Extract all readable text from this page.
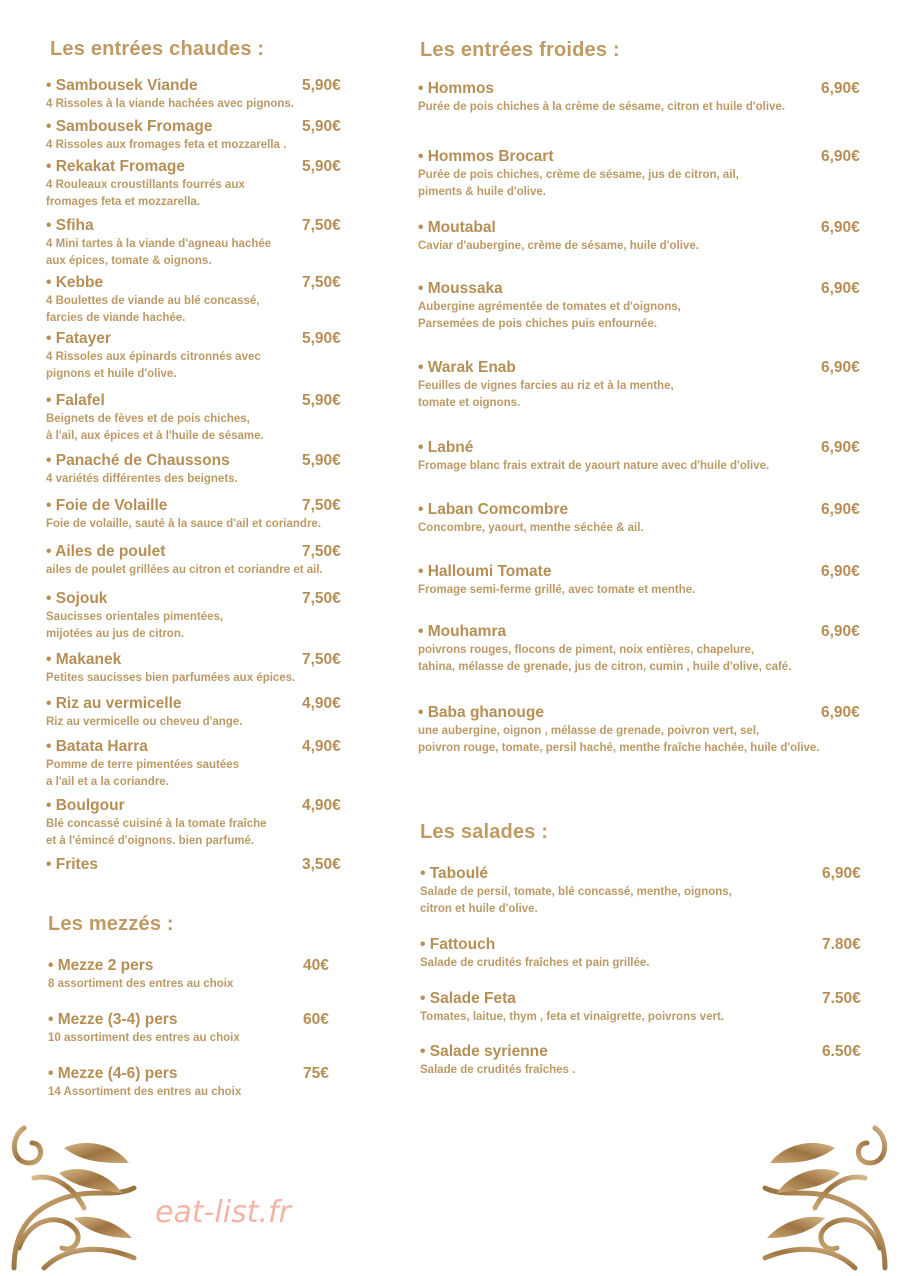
Les entrées chaudes :
• Sambousek Viande	5,90€
4 Rissoles à la viande hachées avec pignons.
• Sambousek Fromage	5,90€
4 Rissoles aux fromages feta et mozzarella .
• Rekakat Fromage	5,90€
4 Rouleaux croustillants fourrés aux
fromages feta et mozzarella.
• Sfiha	7,50€
4 Mini tartes à la viande d'agneau hachée
aux épices, tomate & oignons.
• Kebbe	7,50€
4 Boulettes de viande au blé concassé,
farcies de viande hachée.
• Fatayer	5,90€
4 Rissoles aux épinards citronnés avec
pignons et huile d'olive.
• Falafel	5,90€
Beignets de fèves et de pois chiches,
à l'ail, aux épices et à l'huile de sésame.
• Panaché de Chaussons	5,90€
4 variétés différentes des beignets.
• Foie de Volaille	7,50€
Foie de volaille, sauté à la sauce d'ail et coriandre.
• Ailes de poulet	7,50€
ailes de poulet grillées au citron et coriandre et ail.
• Sojouk	7,50€
Saucisses orientales pimentées,
mijotées au jus de citron.
• Makanek	7,50€
Petites saucisses bien parfumées aux épices.
• Riz au vermicelle	4,90€
Riz au vermicelle ou cheveu d'ange.
• Batata Harra	4,90€
Pomme de terre pimentées sautées
a l'ail et a la coriandre.
• Boulgour	4,90€
Blé concassé cuisiné à la tomate fraîche
et à l'émincé d'oignons. bien parfumé.
• Frites	3,50€
Les mezzés :
• Mezze 2 pers	40€
8 assortiment des entres au choix
• Mezze (3-4) pers	60€
10 assortiment des entres au choix
• Mezze (4-6) pers	75€
14 Assortiment des entres au choix
Les entrées froides :
• Hommos	6,90€
Purée de pois chiches à la crème de sésame, citron et huile d'olive.
• Hommos Brocart	6,90€
Purée de pois chiches, crème de sésame, jus de citron, ail,
piments & huile d'olive.
• Moutabal	6,90€
Caviar d'aubergine, crème de sésame, huile d'olive.
• Moussaka	6,90€
Aubergine agrémentée de tomates et d'oignons,
Parsemées de pois chiches puis enfournée.
• Warak Enab	6,90€
Feuilles de vignes farcies au riz et à la menthe,
tomate et oignons.
• Labné	6,90€
Fromage blanc frais extrait de yaourt nature avec d'huile d'olive.
• Laban Comcombre	6,90€
Concombre, yaourt, menthe séchée & ail.
• Halloumi Tomate	6,90€
Fromage semi-ferme grillé, avec tomate et menthe.
• Mouhamra	6,90€
poivrons rouges, flocons de piment, noix entières, chapelure,
tahina, mélasse de grenade, jus de citron, cumin , huile d'olive, café.
• Baba ghanouge	6,90€
une aubergine, oignon , mélasse de grenade, poivron vert, sel,
poivron rouge, tomate, persil haché, menthe fraîche hachée, huile d'olive.
Les salades :
• Taboulé	6,90€
Salade de persil, tomate, blé concassé, menthe, oignons,
citron et huile d'olive.
• Fattouch	7.80€
Salade de crudités fraîches et pain grillée.
• Salade Feta	7.50€
Tomates, laitue, thym , feta et vinaigrette, poivrons vert.
• Salade syrienne	6.50€
Salade de crudités fraîches .
eat-list.fr
